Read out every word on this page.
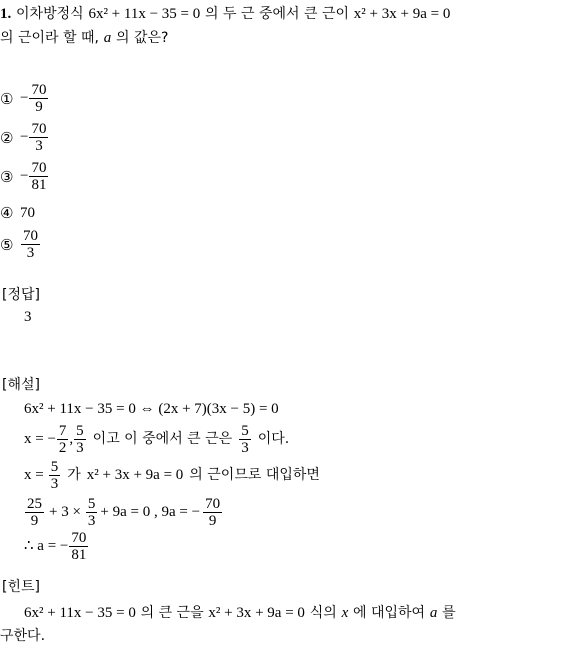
1. 이차방정식 6x² + 11x − 35 = 0 의 두 근 중에서 큰 근이 x² + 3x + 9a = 0
의 근이라 할 때, a 의 값은?
① − $\frac{70}{9}$
② − $\frac{70}{3}$
③ − $\frac{70}{81}$
④ 70
⑤ $\frac{70}{3}$
[정답]
3
[해설]
6x² + 11x − 35 = 0 ⇔ (2x + 7)(3x − 5) = 0
x = − $\frac{7}{2}$ , $\frac{5}{3}$ 이고 이 중에서 큰 근은 $\frac{5}{3}$ 이다.
$x = \frac{5}{3}$ 가 x² + 3x + 9a = 0 의 근이므로 대입하면
$\frac{25}{9} + 3 \times \frac{5}{3} + 9a = 0$ , 9a = − $\frac{70}{9}$
∴ a = − $\frac{70}{81}$
[힌트]
6x² + 11x − 35 = 0 의 큰 근을 x² + 3x + 9a = 0 식의 x 에 대입하여 a 를
구한다.
